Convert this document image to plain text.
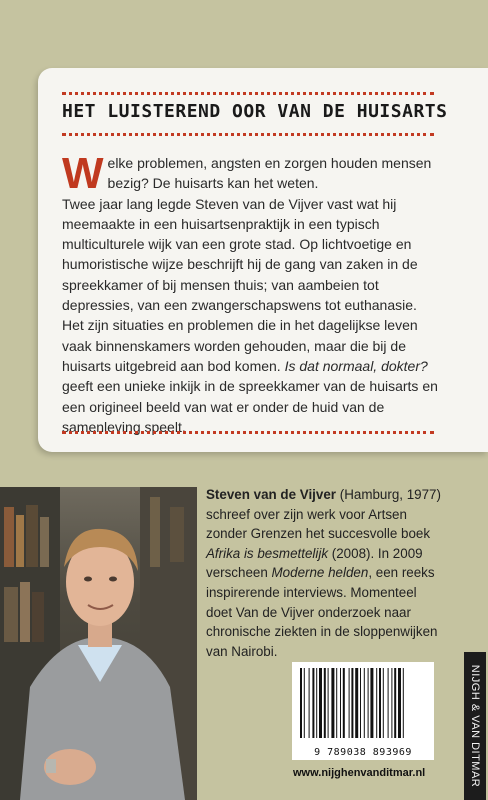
HET LUISTEREND OOR VAN DE HUISARTS

Welke problemen, angsten en zorgen houden mensen bezig? De huisarts kan het weten.

Twee jaar lang legde Steven van de Vijver vast wat hij meemaakte in een huisartsenpraktijk in een typisch multiculturele wijk van een grote stad. Op lichtvoetige en humoristische wijze beschrijft hij de gang van zaken in de spreekkamer of bij mensen thuis; van aambeien tot depressies, van een zwangerschapswens tot euthanasie.

Het zijn situaties en problemen die in het dagelijkse leven vaak binnenskamers worden gehouden, maar die bij de huisarts uitgebreid aan bod komen. Is dat normaal, dokter? geeft een unieke inkijk in de spreekkamer van de huisarts en een origineel beeld van wat er onder de huid van de samenleving speelt.

Steven van de Vijver (Hamburg, 1977) schreef over zijn werk voor Artsen zonder Grenzen het succesvolle boek Afrika is besmettelijk (2008). In 2009 verscheen Moderne helden, een reeks inspirerende interviews. Momenteel doet Van de Vijver onderzoek naar chronische ziekten in de sloppenwijken van Nairobi.
9 789038 893969
www.nijghenvanditmar.nl	NIJGH & VAN DITMAR
